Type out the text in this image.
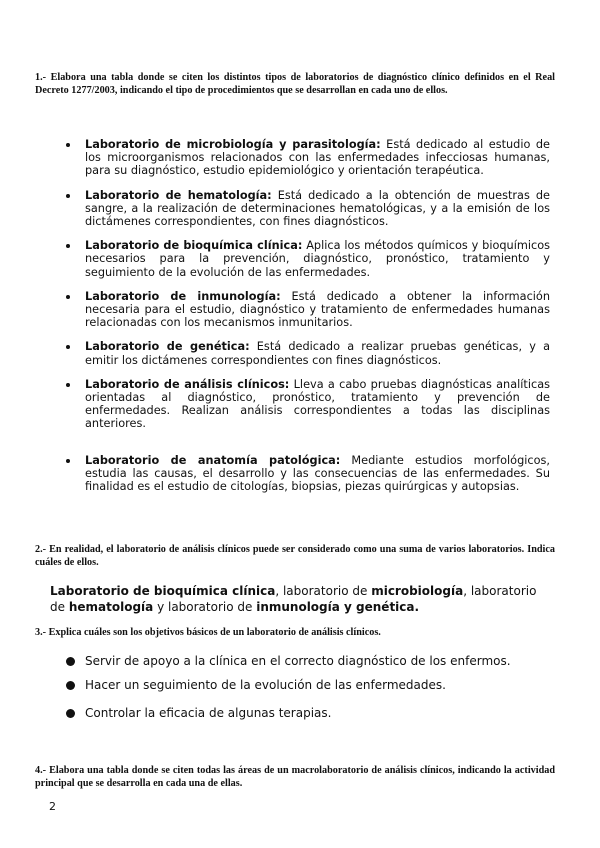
1.- Elabora una tabla donde se citen los distintos tipos de laboratorios de diagnóstico clínico definidos en el Real Decreto 1277/2003, indicando el tipo de procedimientos que se desarrollan en cada uno de ellos.
Laboratorio de microbiología y parasitología: Está dedicado al estudio de los microorganismos relacionados con las enfermedades infecciosas humanas, para su diagnóstico, estudio epidemiológico y orientación terapéutica.
Laboratorio de hematología: Está dedicado a la obtención de muestras de sangre, a la realización de determinaciones hematológicas, y a la emisión de los dictámenes correspondientes, con fines diagnósticos.
Laboratorio de bioquímica clínica: Aplica los métodos químicos y bioquímicos necesarios para la prevención, diagnóstico, pronóstico, tratamiento y seguimiento de la evolución de las enfermedades.
Laboratorio de inmunología: Está dedicado a obtener la información necesaria para el estudio, diagnóstico y tratamiento de enfermedades humanas relacionadas con los mecanismos inmunitarios.
Laboratorio de genética: Está dedicado a realizar pruebas genéticas, y a emitir los dictámenes correspondientes con fines diagnósticos.
Laboratorio de análisis clínicos: Lleva a cabo pruebas diagnósticas analíticas orientadas al diagnóstico, pronóstico, tratamiento y prevención de enfermedades. Realizan análisis correspondientes a todas las disciplinas anteriores.
Laboratorio de anatomía patológica: Mediante estudios morfológicos, estudia las causas, el desarrollo y las consecuencias de las enfermedades. Su finalidad es el estudio de citologías, biopsias, piezas quirúrgicas y autopsias.
2.- En realidad, el laboratorio de análisis clínicos puede ser considerado como una suma de varios laboratorios. Indica cuáles de ellos.
Laboratorio de bioquímica clínica, laboratorio de microbiología, laboratorio de hematología y laboratorio de inmunología y genética.
3.- Explica cuáles son los objetivos básicos de un laboratorio de análisis clínicos.
Servir de apoyo a la clínica en el correcto diagnóstico de los enfermos.
Hacer un seguimiento de la evolución de las enfermedades.
Controlar la eficacia de algunas terapias.
4.- Elabora una tabla donde se citen todas las áreas de un macrolaboratorio de análisis clínicos, indicando la actividad principal que se desarrolla en cada una de ellas.
2
